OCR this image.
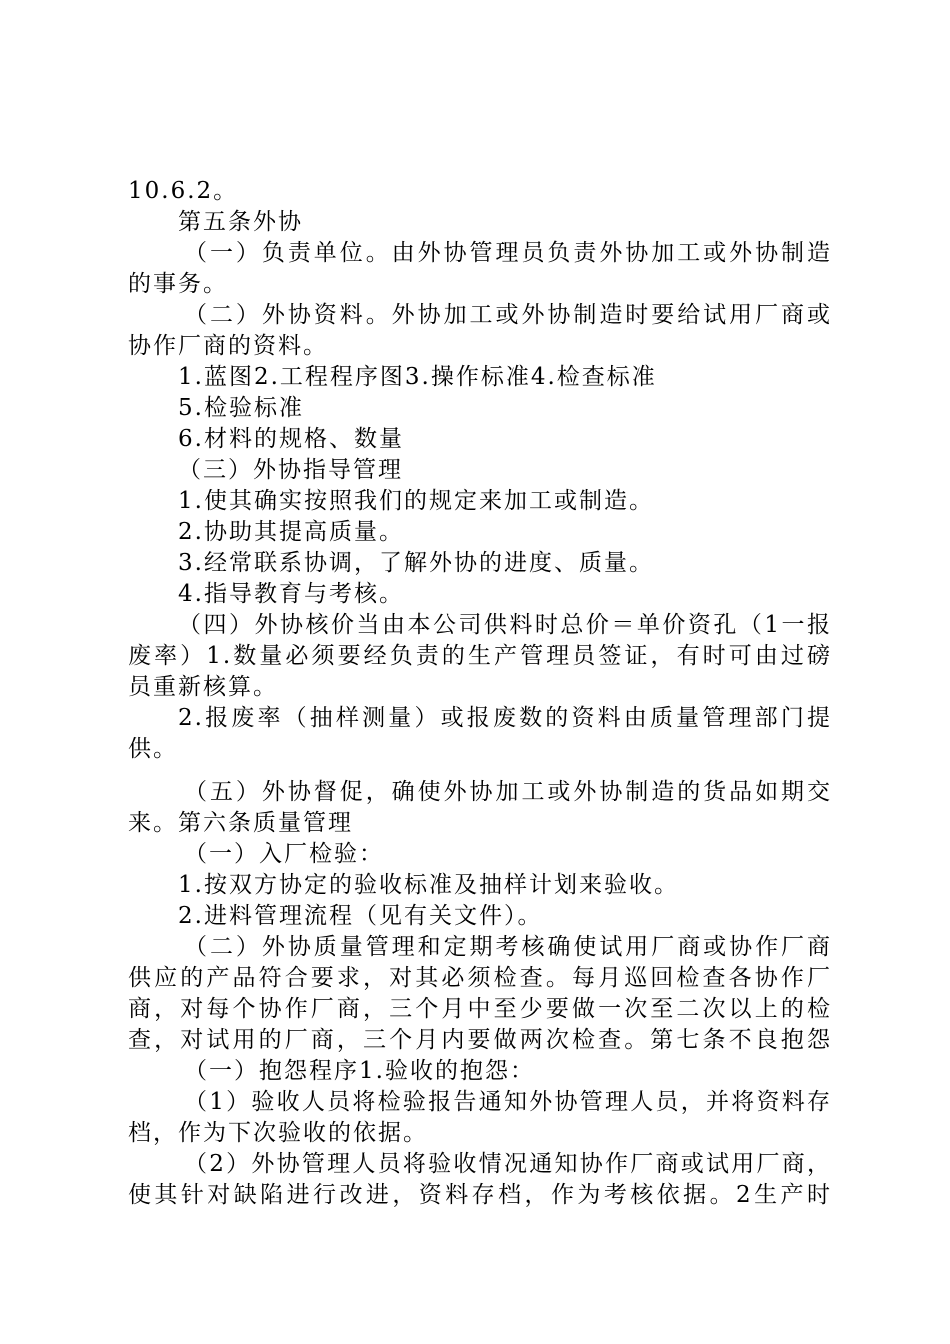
10.6.2。
第五条外协
（一）负责单位。由外协管理员负责外协加工或外协制造
的事务。
（二）外协资料。外协加工或外协制造时要给试用厂商或
协作厂商的资料。
1.蓝图2.工程程序图3.操作标准4.检查标准
5.检验标准
6.材料的规格、数量
（三）外协指导管理
1.使其确实按照我们的规定来加工或制造。
2.协助其提高质量。
3.经常联系协调，了解外协的进度、质量。
4.指导教育与考核。
（四）外协核价当由本公司供料时总价＝单价资孔（1一报
废率）1.数量必须要经负责的生产管理员签证，有时可由过磅
员重新核算。
2.报废率（抽样测量）或报废数的资料由质量管理部门提
供。
（五）外协督促，确使外协加工或外协制造的货品如期交
来。第六条质量管理
（一）入厂检验：
1.按双方协定的验收标准及抽样计划来验收。
2.进料管理流程（见有关文件）。
（二）外协质量管理和定期考核确使试用厂商或协作厂商
供应的产品符合要求，对其必须检查。每月巡回检查各协作厂
商，对每个协作厂商，三个月中至少要做一次至二次以上的检
查，对试用的厂商，三个月内要做两次检查。第七条不良抱怨
（一）抱怨程序1.验收的抱怨：
（1）验收人员将检验报告通知外协管理人员，并将资料存
档，作为下次验收的依据。
（2）外协管理人员将验收情况通知协作厂商或试用厂商，
使其针对缺陷进行改进，资料存档，作为考核依据。2生产时
